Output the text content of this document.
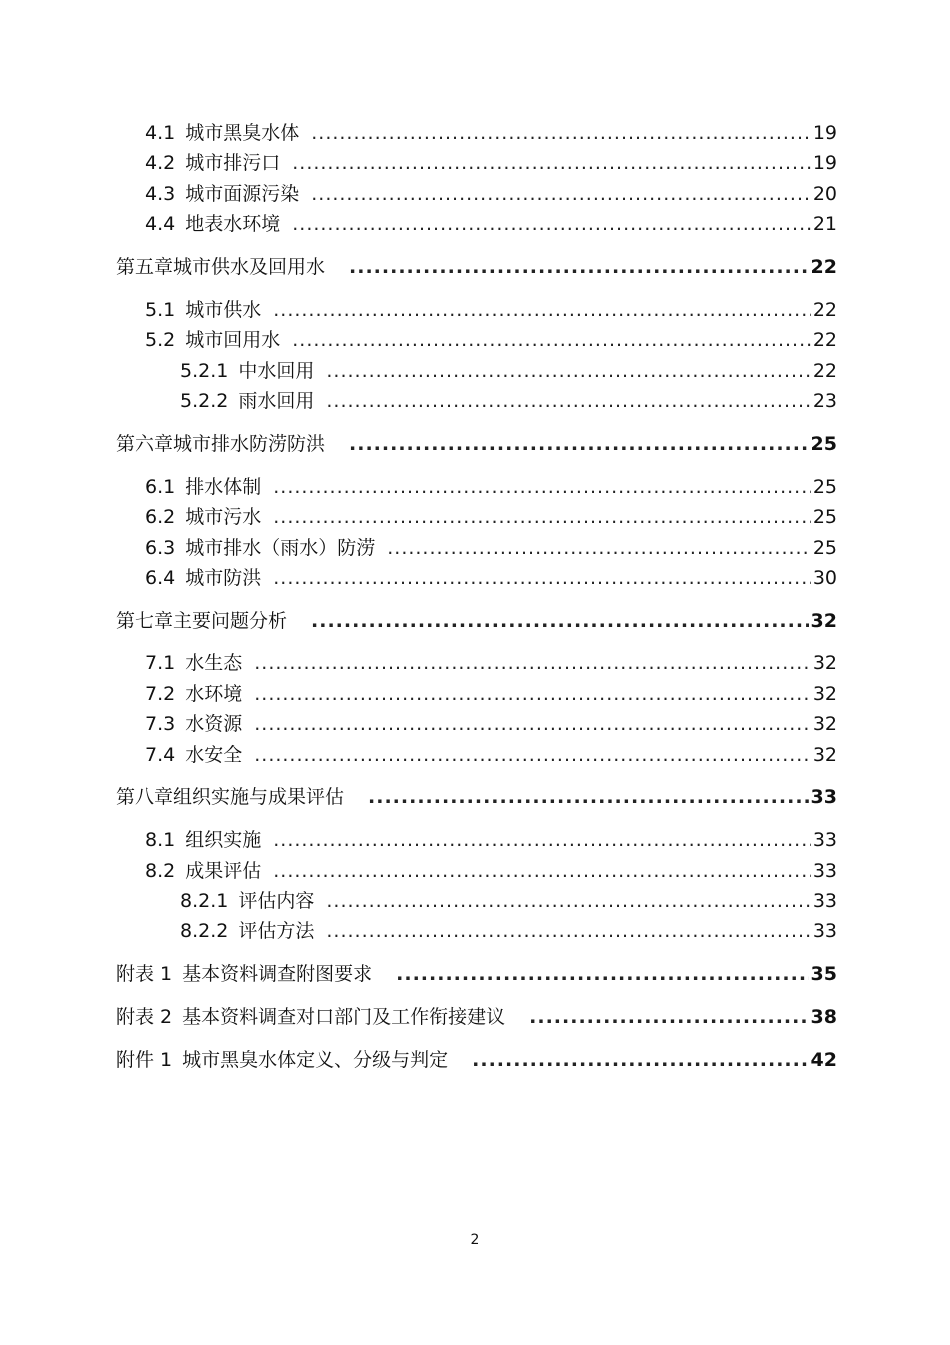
4.1 城市黑臭水体 .....	19
4.2 城市排污口 .....	19
4.3 城市面源污染 .....	20
4.4 地表水环境 .....	21
第五章城市供水及回用水 .....	22
5.1 城市供水 .....	22
5.2 城市回用水 .....	22
5.2.1 中水回用 .....	22
5.2.2 雨水回用 .....	23
第六章城市排水防涝防洪 .....	25
6.1 排水体制 .....	25
6.2 城市污水 .....	25
6.3 城市排水（雨水）防涝 .....	25
6.4 城市防洪 .....	30
第七章主要问题分析 .....	32
7.1 水生态 .....	32
7.2 水环境 .....	32
7.3 水资源 .....	32
7.4 水安全 .....	32
第八章组织实施与成果评估 .....	33
8.1 组织实施 .....	33
8.2 成果评估 .....	33
8.2.1 评估内容 .....	33
8.2.2 评估方法 .....	33
附表 1 基本资料调查附图要求 .....	35
附表 2 基本资料调查对口部门及工作衔接建议 .....	38
附件 1 城市黑臭水体定义、分级与判定 .....	42
2
